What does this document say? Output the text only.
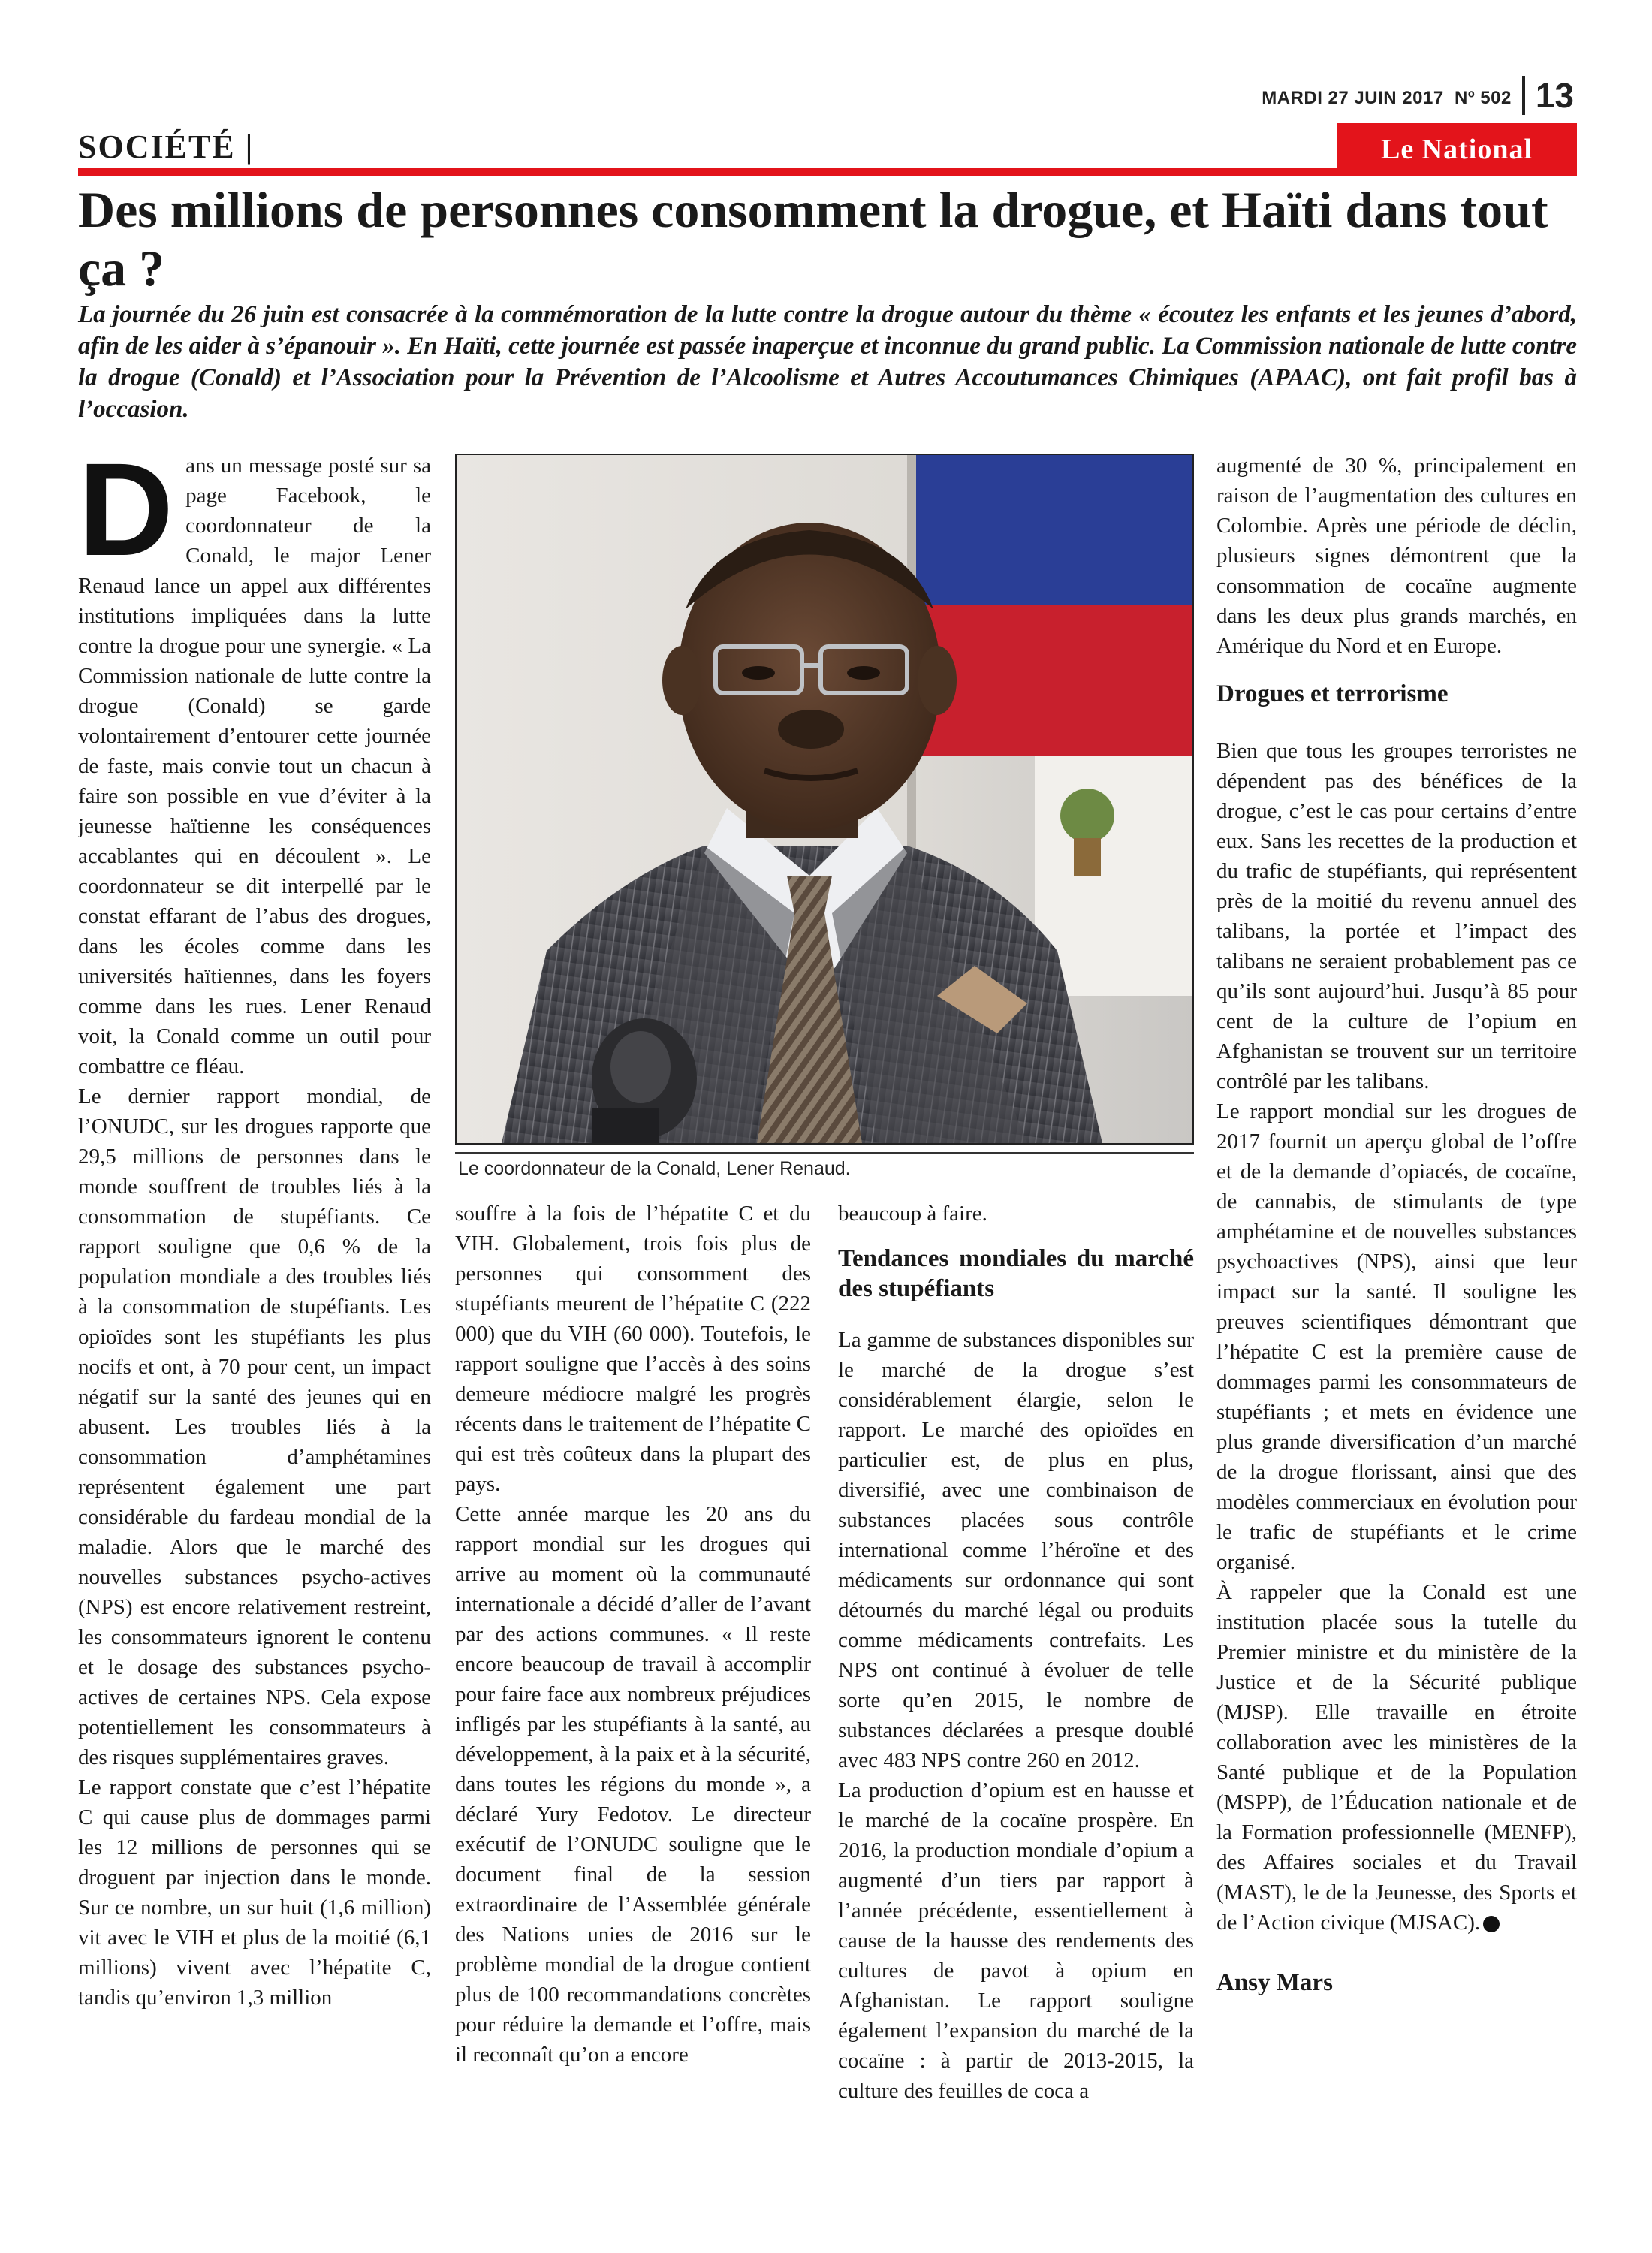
MARDI 27 JUIN 2017 Nº 502 13
SOCIÉTÉ |	Le National
Des millions de personnes consomment la drogue, et Haïti dans tout ça ?

La journée du 26 juin est consacrée à la commémoration de la lutte contre la drogue autour du thème « écoutez les enfants et les jeunes d’abord, afin de les aider à s’épanouir ». En Haïti, cette journée est passée inaperçue et inconnue du grand public. La Commission nationale de lutte contre la drogue (Conald) et l’Association pour la Prévention de l’Alcoolisme et Autres Accoutumances Chimiques (APAAC), ont fait profil bas à l’occasion.

Dans un message posté sur sa page Facebook, le coordonnateur de la Conald, le major Lener Renaud lance un appel aux différentes institutions impliquées dans la lutte contre la drogue pour une synergie. « La Commission nationale de lutte contre la drogue (Conald) se garde volontairement d’entourer cette journée de faste, mais convie tout un chacun à faire son possible en vue d’éviter à la jeunesse haïtienne les conséquences accablantes qui en découlent ». Le coordonnateur se dit interpellé par le constat effarant de l’abus des drogues, dans les écoles comme dans les universités haïtiennes, dans les foyers comme dans les rues. Lener Renaud voit, la Conald comme un outil pour combattre ce fléau.

Le dernier rapport mondial, de l’ONUDC, sur les drogues rapporte que 29,5 millions de personnes dans le monde souffrent de troubles liés à la consommation de stupéfiants. Ce rapport souligne que 0,6 % de la population mondiale a des troubles liés à la consommation de stupéfiants. Les opioïdes sont les stupéfiants les plus nocifs et ont, à 70 pour cent, un impact négatif sur la santé des jeunes qui en abusent. Les troubles liés à la consommation d’amphétamines représentent également une part considérable du fardeau mondial de la maladie. Alors que le marché des nouvelles substances psycho-actives (NPS) est encore relativement restreint, les consommateurs ignorent le contenu et le dosage des substances psycho-actives de certaines NPS. Cela expose potentiellement les consommateurs à des risques supplémentaires graves.

Le rapport constate que c’est l’hépatite C qui cause plus de dommages parmi les 12 millions de personnes qui se droguent par injection dans le monde. Sur ce nombre, un sur huit (1,6 million) vit avec le VIH et plus de la moitié (6,1 millions) vivent avec l’hépatite C, tandis qu’environ 1,3 million

Le coordonnateur de la Conald, Lener Renaud.

souffre à la fois de l’hépatite C et du VIH. Globalement, trois fois plus de personnes qui consomment des stupéfiants meurent de l’hépatite C (222 000) que du VIH (60 000). Toutefois, le rapport souligne que l’accès à des soins demeure médiocre malgré les progrès récents dans le traitement de l’hépatite C qui est très coûteux dans la plupart des pays.

Cette année marque les 20 ans du rapport mondial sur les drogues qui arrive au moment où la communauté internationale a décidé d’aller de l’avant par des actions communes. « Il reste encore beaucoup de travail à accomplir pour faire face aux nombreux préjudices infligés par les stupéfiants à la santé, au développement, à la paix et à la sécurité, dans toutes les régions du monde », a déclaré Yury Fedotov. Le directeur exécutif de l’ONUDC souligne que le document final de la session extraordinaire de l’Assemblée générale des Nations unies de 2016 sur le problème mondial de la drogue contient plus de 100 recommandations concrètes pour réduire la demande et l’offre, mais il reconnaît qu’on a encore

beaucoup à faire.

Tendances mondiales du marché des stupéfiants

La gamme de substances disponibles sur le marché de la drogue s’est considérablement élargie, selon le rapport. Le marché des opioïdes en particulier est, de plus en plus, diversifié, avec une combinaison de substances placées sous contrôle international comme l’héroïne et des médicaments sur ordonnance qui sont détournés du marché légal ou produits comme médicaments contrefaits. Les NPS ont continué à évoluer de telle sorte qu’en 2015, le nombre de substances déclarées a presque doublé avec 483 NPS contre 260 en 2012.

La production d’opium est en hausse et le marché de la cocaïne prospère. En 2016, la production mondiale d’opium a augmenté d’un tiers par rapport à l’année précédente, essentiellement à cause de la hausse des rendements des cultures de pavot à opium en Afghanistan. Le rapport souligne également l’expansion du marché de la cocaïne : à partir de 2013-2015, la culture des feuilles de coca a

augmenté de 30 %, principalement en raison de l’augmentation des cultures en Colombie. Après une période de déclin, plusieurs signes démontrent que la consommation de cocaïne augmente dans les deux plus grands marchés, en Amérique du Nord et en Europe.

Drogues et terrorisme

Bien que tous les groupes terroristes ne dépendent pas des bénéfices de la drogue, c’est le cas pour certains d’entre eux. Sans les recettes de la production et du trafic de stupéfiants, qui représentent près de la moitié du revenu annuel des talibans, la portée et l’impact des talibans ne seraient probablement pas ce qu’ils sont aujourd’hui. Jusqu’à 85 pour cent de la culture de l’opium en Afghanistan se trouvent sur un territoire contrôlé par les talibans.

Le rapport mondial sur les drogues de 2017 fournit un aperçu global de l’offre et de la demande d’opiacés, de cocaïne, de cannabis, de stimulants de type amphétamine et de nouvelles substances psychoactives (NPS), ainsi que leur impact sur la santé. Il souligne les preuves scientifiques démontrant que l’hépatite C est la première cause de dommages parmi les consommateurs de stupéfiants ; et mets en évidence une plus grande diversification d’un marché de la drogue florissant, ainsi que des modèles commerciaux en évolution pour le trafic de stupéfiants et le crime organisé.

À rappeler que la Conald est une institution placée sous la tutelle du Premier ministre et du ministère de la Justice et de la Sécurité publique (MJSP). Elle travaille en étroite collaboration avec les ministères de la Santé publique et de la Population (MSPP), de l’Éducation nationale et de la Formation professionnelle (MENFP), des Affaires sociales et du Travail (MAST), le de la Jeunesse, des Sports et de l’Action civique (MJSAC).

Ansy Mars
